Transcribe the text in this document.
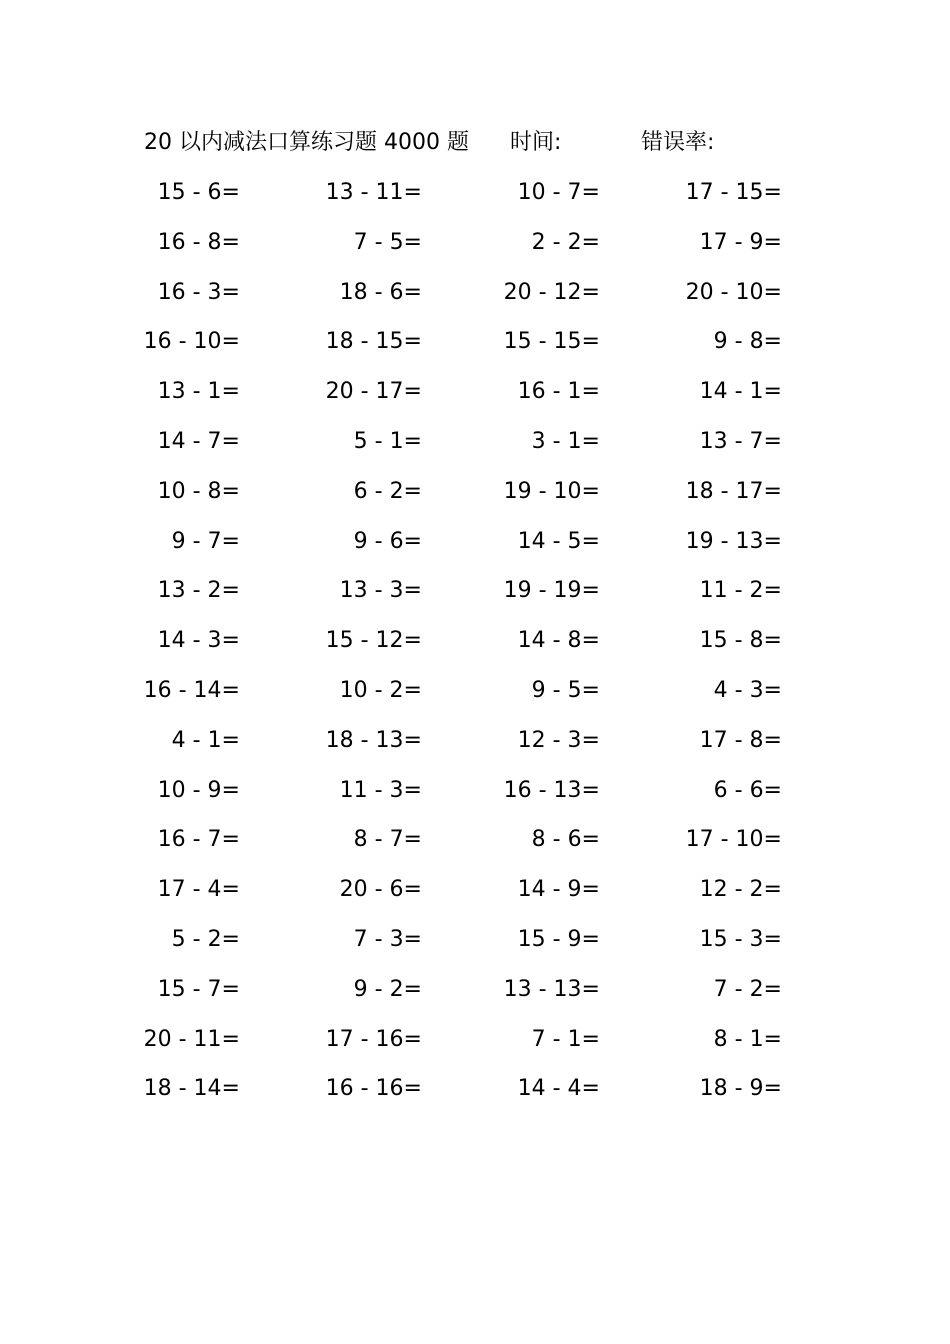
20 以内减法口算练习题 4000 题 时间:	错误率:
15 - 6=	13 - 11=	10 - 7=	17 - 15=
16 - 8=	7 - 5=	2 - 2=	17 - 9=
16 - 3=	18 - 6=	20 - 12=	20 - 10=
16 - 10=	18 - 15=	15 - 15=	9 - 8=
13 - 1=	20 - 17=	16 - 1=	14 - 1=
14 - 7=	5 - 1=	3 - 1=	13 - 7=
10 - 8=	6 - 2=	19 - 10=	18 - 17=
9 - 7=	9 - 6=	14 - 5=	19 - 13=
13 - 2=	13 - 3=	19 - 19=	11 - 2=
14 - 3=	15 - 12=	14 - 8=	15 - 8=
16 - 14=	10 - 2=	9 - 5=	4 - 3=
4 - 1=	18 - 13=	12 - 3=	17 - 8=
10 - 9=	11 - 3=	16 - 13=	6 - 6=
16 - 7=	8 - 7=	8 - 6=	17 - 10=
17 - 4=	20 - 6=	14 - 9=	12 - 2=
5 - 2=	7 - 3=	15 - 9=	15 - 3=
15 - 7=	9 - 2=	13 - 13=	7 - 2=
20 - 11=	17 - 16=	7 - 1=	8 - 1=
18 - 14=	16 - 16=	14 - 4=	18 - 9=
